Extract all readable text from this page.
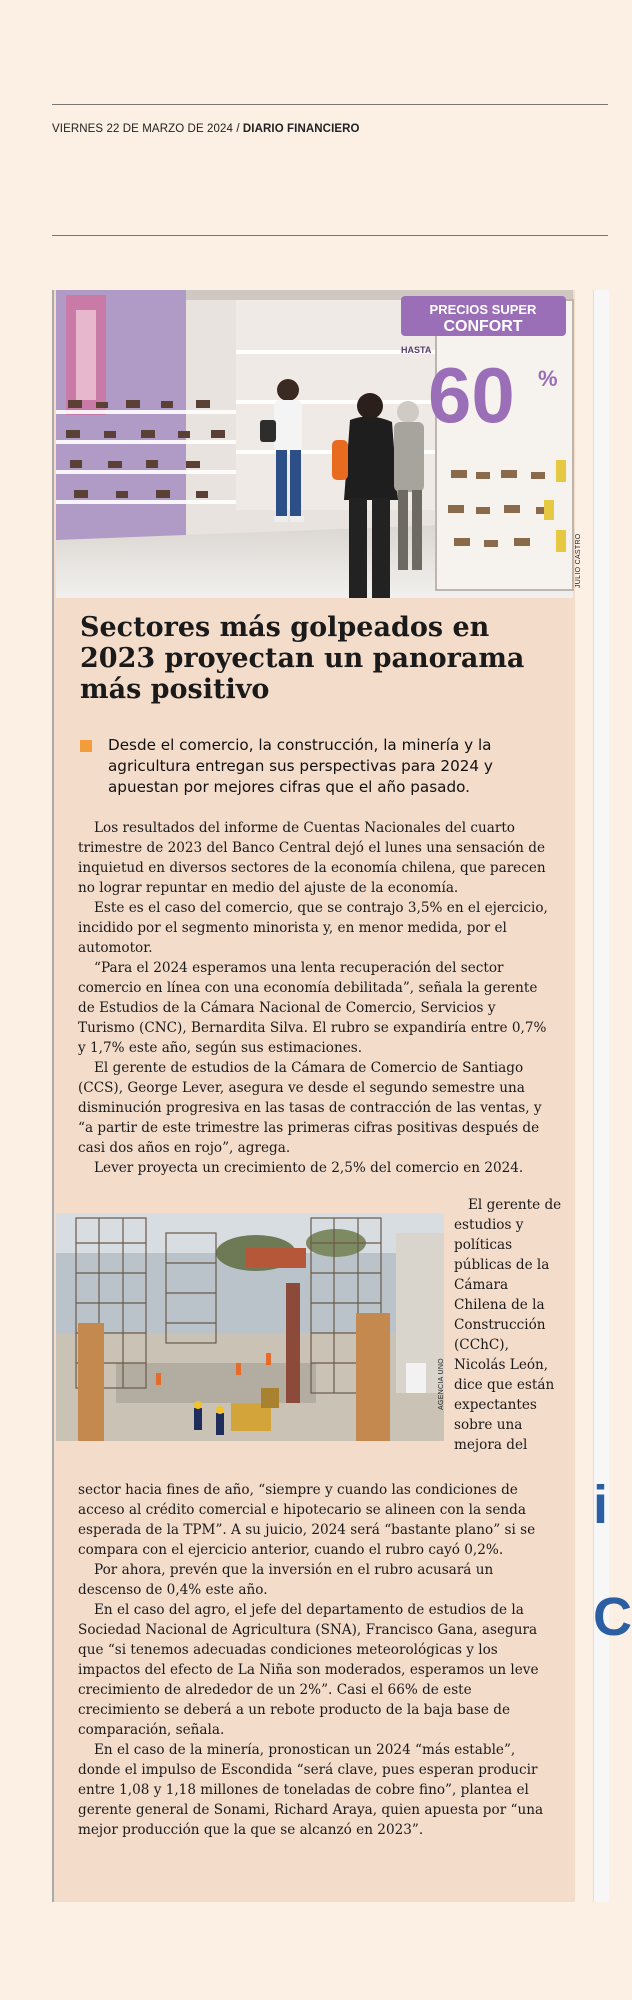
VIERNES 22 DE MARZO DE 2024 / DIARIO FINANCIERO
i
C
PRECIOS SUPER
CONFORT
HASTA
60 %
JULIO CASTRO
Sectores más golpeados en 2023 proyectan un panorama más positivo

Desde el comercio, la construcción, la minería y la agricultura entregan sus perspectivas para 2024 y apuestan por mejores cifras que el año pasado.

Los resultados del informe de Cuentas Nacionales del cuarto trimestre de 2023 del Banco Central dejó el lunes una sensación de inquietud en diversos sectores de la economía chilena, que parecen no lograr repuntar en medio del ajuste de la economía.

Este es el caso del comercio, que se contrajo 3,5% en el ejercicio, incidido por el segmento minorista y, en menor medida, por el automotor.

“Para el 2024 esperamos una lenta recuperación del sector comercio en línea con una economía debilitada”, señala la gerente de Estudios de la Cámara Nacional de Comercio, Servicios y Turismo (CNC), Bernardita Silva. El rubro se expandiría entre 0,7% y 1,7% este año, según sus estimaciones.

El gerente de estudios de la Cámara de Comercio de Santiago (CCS), George Lever, asegura ve desde el segundo semestre una disminución progresiva en las tasas de contracción de las ventas, y “a partir de este trimestre las primeras cifras positivas después de casi dos años en rojo”, agrega.

Lever proyecta un crecimiento de 2,5% del comercio en 2024.

AGENCIA UNO

El gerente de estudios y políticas públicas de la Cámara Chilena de la Construcción (CChC), Nicolás León, dice que están expectantes sobre una mejora del

sector hacia fines de año, “siempre y cuando las condiciones de acceso al crédito comercial e hipotecario se alineen con la senda esperada de la TPM”. A su juicio, 2024 será “bastante plano” si se compara con el ejercicio anterior, cuando el rubro cayó 0,2%.

Por ahora, prevén que la inversión en el rubro acusará un descenso de 0,4% este año.

En el caso del agro, el jefe del departamento de estudios de la Sociedad Nacional de Agricultura (SNA), Francisco Gana, asegura que “si tenemos adecuadas condiciones meteorológicas y los impactos del efecto de La Niña son moderados, esperamos un leve crecimiento de alrededor de un 2%”. Casi el 66% de este crecimiento se deberá a un rebote producto de la baja base de comparación, señala.

En el caso de la minería, pronostican un 2024 “más estable”, donde el impulso de Escondida “será clave, pues esperan producir entre 1,08 y 1,18 millones de toneladas de cobre fino”, plantea el gerente general de Sonami, Richard Araya, quien apuesta por “una mejor producción que la que se alcanzó en 2023”.
